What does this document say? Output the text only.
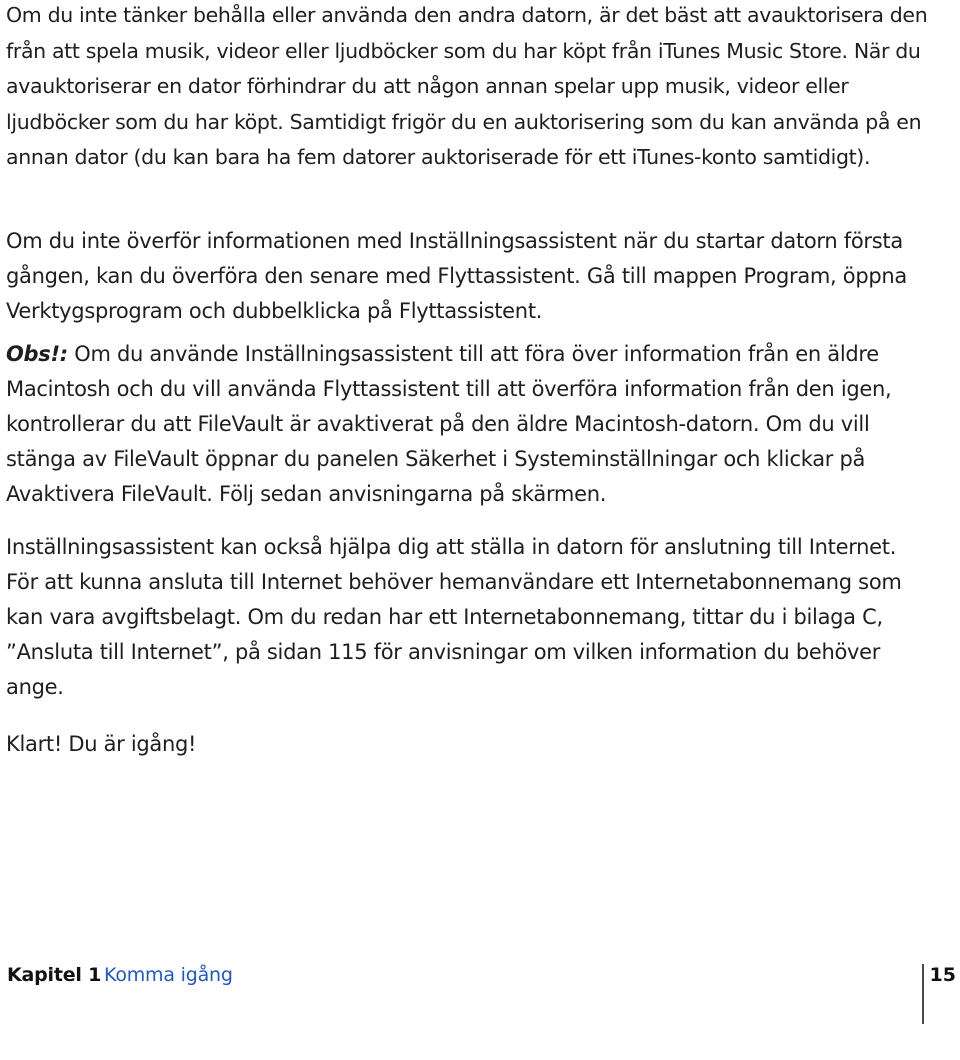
Om du inte tänker behålla eller använda den andra datorn, är det bäst att avauktorisera den från att spela musik, videor eller ljudböcker som du har köpt från iTunes Music Store. När du avauktoriserar en dator förhindrar du att någon annan spelar upp musik, videor eller ljudböcker som du har köpt. Samtidigt frigör du en auktorisering som du kan använda på en annan dator (du kan bara ha fem datorer auktoriserade för ett iTunes-konto samtidigt).

Om du inte överför informationen med Inställningsassistent när du startar datorn första gången, kan du överföra den senare med Flyttassistent. Gå till mappen Program, öppna Verktygsprogram och dubbelklicka på Flyttassistent.

Obs!: Om du använde Inställningsassistent till att föra över information från en äldre Macintosh och du vill använda Flyttassistent till att överföra information från den igen, kontrollerar du att FileVault är avaktiverat på den äldre Macintosh-datorn. Om du vill stänga av FileVault öppnar du panelen Säkerhet i Systeminställningar och klickar på Avaktivera FileVault. Följ sedan anvisningarna på skärmen.

Inställningsassistent kan också hjälpa dig att ställa in datorn för anslutning till Internet. För att kunna ansluta till Internet behöver hemanvändare ett Internetabonnemang som kan vara avgiftsbelagt. Om du redan har ett Internetabonnemang, tittar du i bilaga C, ”Ansluta till Internet”, på sidan 115 för anvisningar om vilken information du behöver ange.

Klart! Du är igång!

Kapitel 1 Komma igång	15
